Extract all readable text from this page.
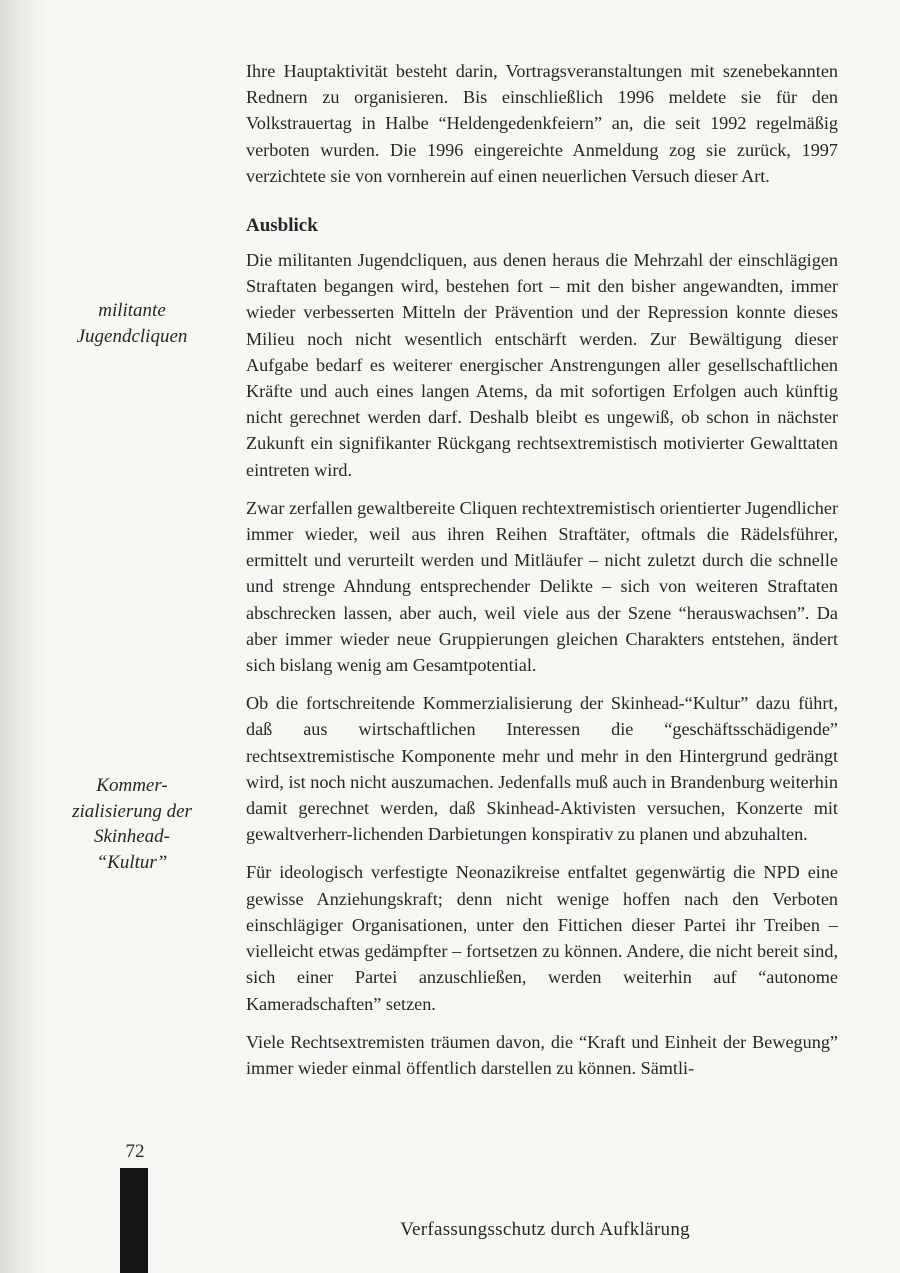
Ihre Hauptaktivität besteht darin, Vortragsveranstaltungen mit szenebekannten Rednern zu organisieren. Bis einschließlich 1996 meldete sie für den Volkstrauertag in Halbe “Heldengedenkfeiern” an, die seit 1992 regelmäßig verboten wurden. Die 1996 eingereichte Anmeldung zog sie zurück, 1997 verzichtete sie von vornherein auf einen neuerlichen Versuch dieser Art.

Ausblick

Die militanten Jugendcliquen, aus denen heraus die Mehrzahl der einschlägigen Straftaten begangen wird, bestehen fort – mit den bisher angewandten, immer wieder verbesserten Mitteln der Prävention und der Repression konnte dieses Milieu noch nicht wesentlich entschärft werden. Zur Bewältigung dieser Aufgabe bedarf es weiterer energischer Anstrengungen aller gesellschaftlichen Kräfte und auch eines langen Atems, da mit sofortigen Erfolgen auch künftig nicht gerechnet werden darf. Deshalb bleibt es ungewiß, ob schon in nächster Zukunft ein signifikanter Rückgang rechtsextremistisch motivierter Gewalttaten eintreten wird.

Zwar zerfallen gewaltbereite Cliquen rechtextremistisch orientierter Jugendlicher immer wieder, weil aus ihren Reihen Straftäter, oftmals die Rädelsführer, ermittelt und verurteilt werden und Mitläufer – nicht zuletzt durch die schnelle und strenge Ahndung entsprechender Delikte – sich von weiteren Straftaten abschrecken lassen, aber auch, weil viele aus der Szene “herauswachsen”. Da aber immer wieder neue Gruppierungen gleichen Charakters entstehen, ändert sich bislang wenig am Gesamtpotential.

Ob die fortschreitende Kommerzialisierung der Skinhead-“Kultur” dazu führt, daß aus wirtschaftlichen Interessen die “geschäftsschädigende” rechtsextremistische Komponente mehr und mehr in den Hintergrund gedrängt wird, ist noch nicht auszumachen. Jedenfalls muß auch in Brandenburg weiterhin damit gerechnet werden, daß Skinhead-Aktivisten versuchen, Konzerte mit gewaltverherr-lichenden Darbietungen konspirativ zu planen und abzuhalten.

Für ideologisch verfestigte Neonazikreise entfaltet gegenwärtig die NPD eine gewisse Anziehungskraft; denn nicht wenige hoffen nach den Verboten einschlägiger Organisationen, unter den Fittichen dieser Partei ihr Treiben – vielleicht etwas gedämpfter – fortsetzen zu können. Andere, die nicht bereit sind, sich einer Partei anzuschließen, werden weiterhin auf “autonome Kameradschaften” setzen.

Viele Rechtsextremisten träumen davon, die “Kraft und Einheit der Bewegung” immer wieder einmal öffentlich darstellen zu können. Sämtli-

militante
Jugendcliquen
Kommer-
zialisierung der
Skinhead-
“Kultur”
72
Verfassungsschutz durch Aufklärung
